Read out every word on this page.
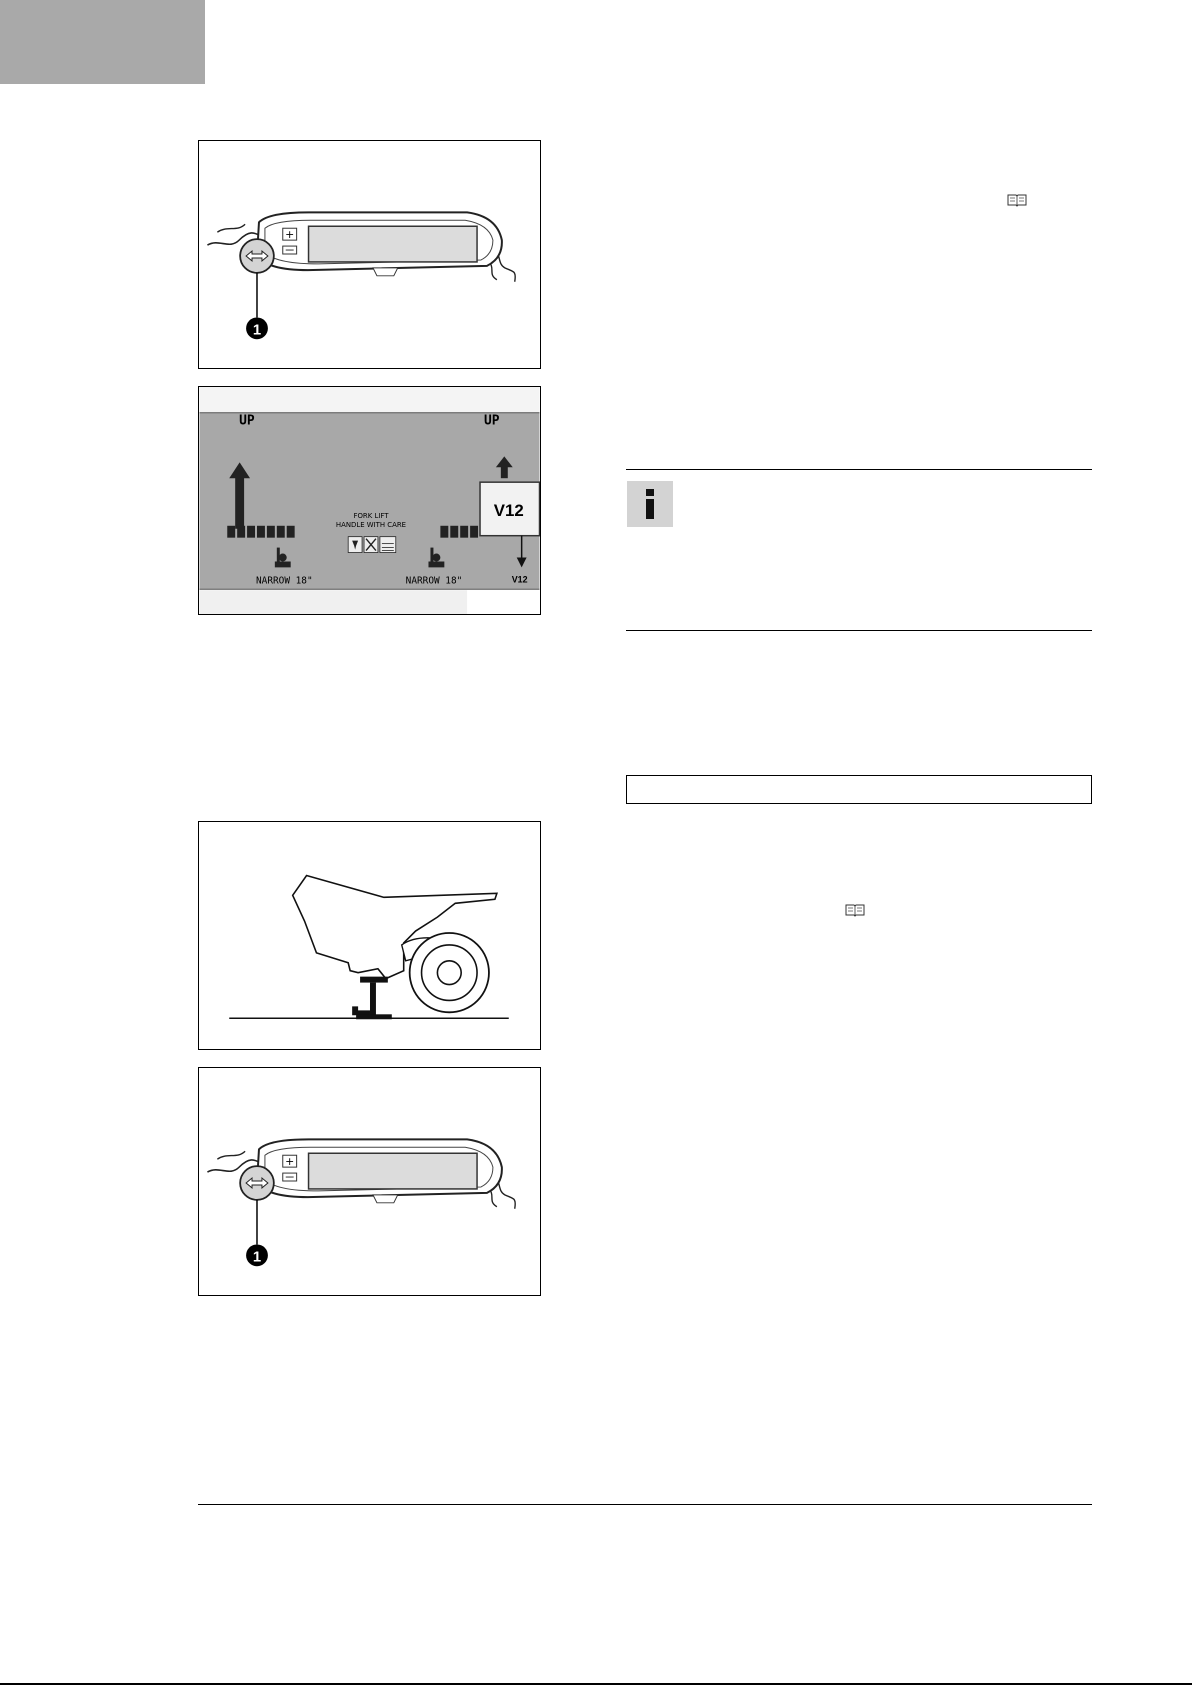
+
1
UP	UP
V12
FORK LIFT
HANDLE WITH CARE
NARROW 18"	NARROW 18"	V12
+
1
